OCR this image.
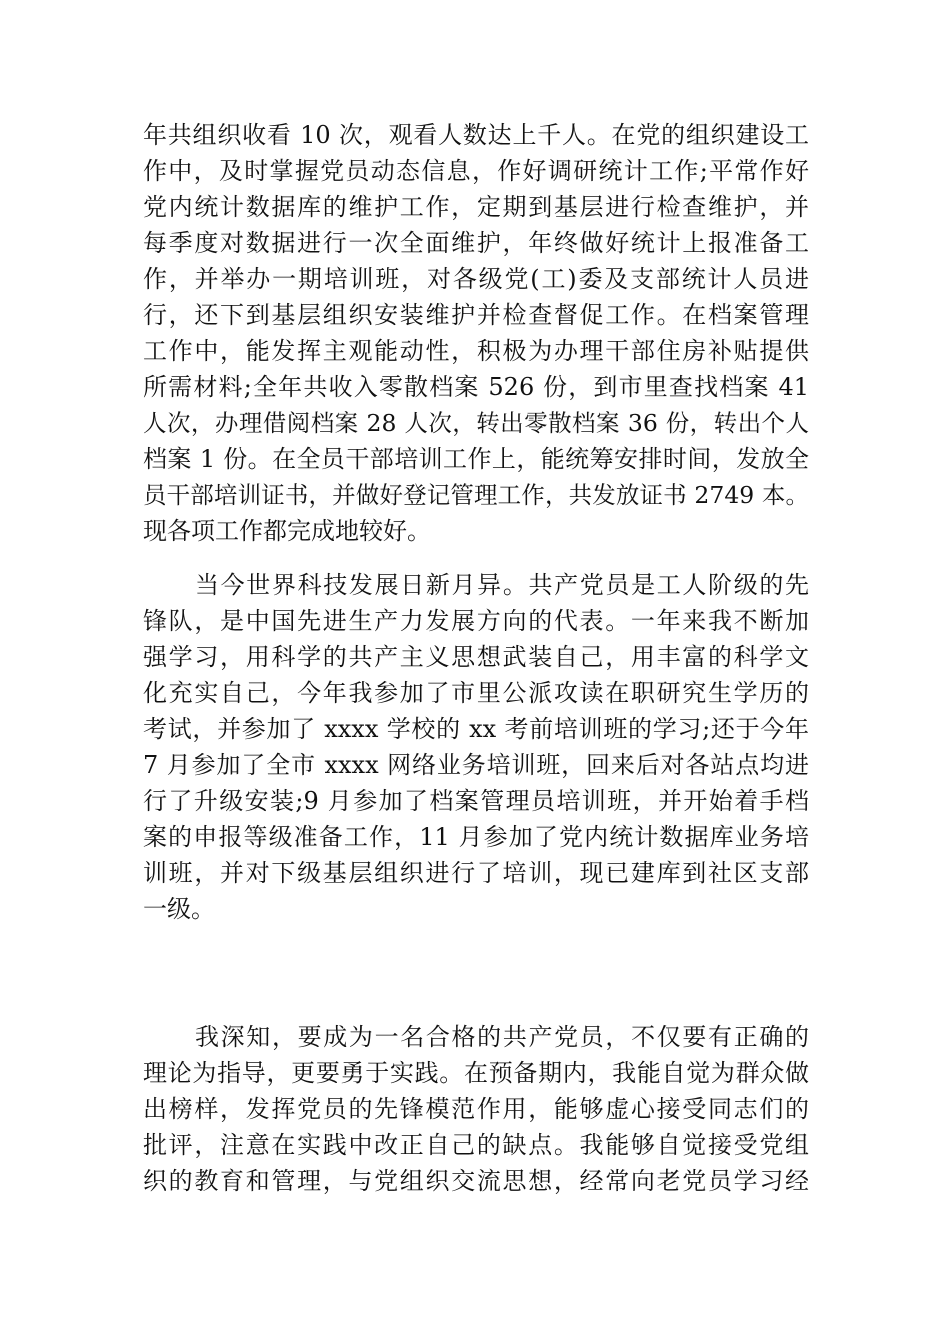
年共组织收看 10 次，观看人数达上千人。在党的组织建设工
作中，及时掌握党员动态信息，作好调研统计工作;平常作好
党内统计数据库的维护工作，定期到基层进行检查维护，并
每季度对数据进行一次全面维护，年终做好统计上报准备工
作，并举办一期培训班，对各级党(工)委及支部统计人员进
行，还下到基层组织安装维护并检查督促工作。在档案管理
工作中，能发挥主观能动性，积极为办理干部住房补贴提供
所需材料;全年共收入零散档案 526 份，到市里查找档案 41
人次，办理借阅档案 28 人次，转出零散档案 36 份，转出个人
档案 1 份。在全员干部培训工作上，能统筹安排时间，发放全
员干部培训证书，并做好登记管理工作，共发放证书 2749 本。
现各项工作都完成地较好。
当今世界科技发展日新月异。共产党员是工人阶级的先
锋队，是中国先进生产力发展方向的代表。一年来我不断加
强学习，用科学的共产主义思想武装自己，用丰富的科学文
化充实自己，今年我参加了市里公派攻读在职研究生学历的
考试，并参加了 xxxx 学校的 xx 考前培训班的学习;还于今年
7 月参加了全市 xxxx 网络业务培训班，回来后对各站点均进
行了升级安装;9 月参加了档案管理员培训班，并开始着手档
案的申报等级准备工作，11 月参加了党内统计数据库业务培
训班，并对下级基层组织进行了培训，现已建库到社区支部
一级。
我深知，要成为一名合格的共产党员，不仅要有正确的
理论为指导，更要勇于实践。在预备期内，我能自觉为群众做
出榜样，发挥党员的先锋模范作用，能够虚心接受同志们的
批评，注意在实践中改正自己的缺点。我能够自觉接受党组
织的教育和管理，与党组织交流思想，经常向老党员学习经
